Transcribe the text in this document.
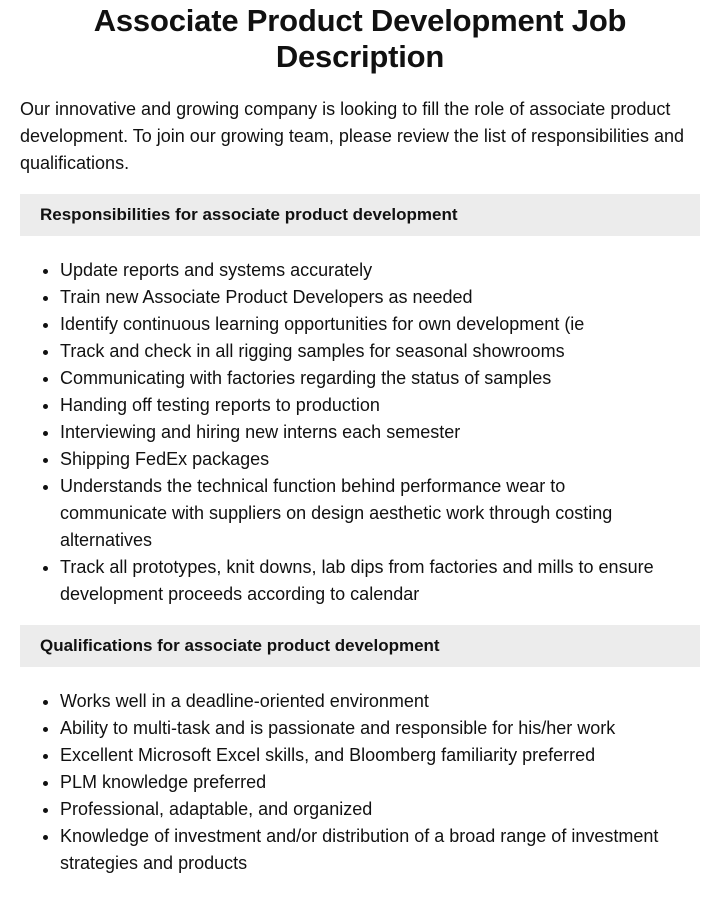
Associate Product Development Job Description

Our innovative and growing company is looking to fill the role of associate product development. To join our growing team, please review the list of responsibilities and qualifications.

Responsibilities for associate product development
• Update reports and systems accurately
• Train new Associate Product Developers as needed
• Identify continuous learning opportunities for own development (ie
• Track and check in all rigging samples for seasonal showrooms
• Communicating with factories regarding the status of samples
• Handing off testing reports to production
• Interviewing and hiring new interns each semester
• Shipping FedEx packages
• Understands the technical function behind performance wear to communicate with suppliers on design aesthetic work through costing alternatives
• Track all prototypes, knit downs, lab dips from factories and mills to ensure development proceeds according to calendar
Qualifications for associate product development
• Works well in a deadline-oriented environment
• Ability to multi-task and is passionate and responsible for his/her work
• Excellent Microsoft Excel skills, and Bloomberg familiarity preferred
• PLM knowledge preferred
• Professional, adaptable, and organized
• Knowledge of investment and/or distribution of a broad range of investment strategies and products
